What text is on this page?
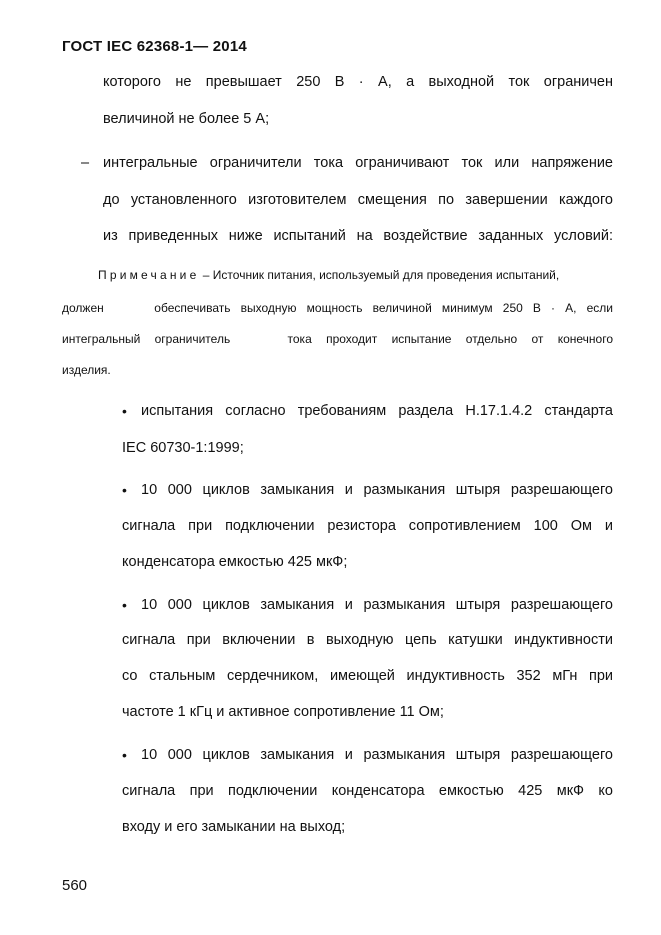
ГОСТ IEC 62368-1— 2014
которого не превышает 250 В · А, а выходной ток ограничен
величиной не более 5 А;
– интегральные ограничители тока ограничивают ток или напряжение
до установленного изготовителем смещения по завершении каждого
из приведенных ниже испытаний на воздействие заданных условий:
Примечание – Источник питания, используемый для проведения испытаний,
должен     обеспечивать выходную мощность величиной минимум 250 В · А, если
интегральный ограничитель    тока проходит испытание отдельно от конечного
изделия.
• испытания согласно требованиям раздела H.17.1.4.2 стандарта
IEC 60730-1:1999;
• 10 000 циклов замыкания и размыкания штыря разрешающего
сигнала при подключении резистора сопротивлением 100 Ом и
конденсатора емкостью 425 мкФ;
• 10 000 циклов замыкания и размыкания штыря разрешающего
сигнала при включении в выходную цепь катушки индуктивности
со стальным сердечником, имеющей индуктивность 352 мГн при
частоте 1 кГц и активное сопротивление 11 Ом;
• 10 000 циклов замыкания и размыкания штыря разрешающего
сигнала при подключении конденсатора емкостью 425 мкФ ко
входу и его замыкании на выход;
560
